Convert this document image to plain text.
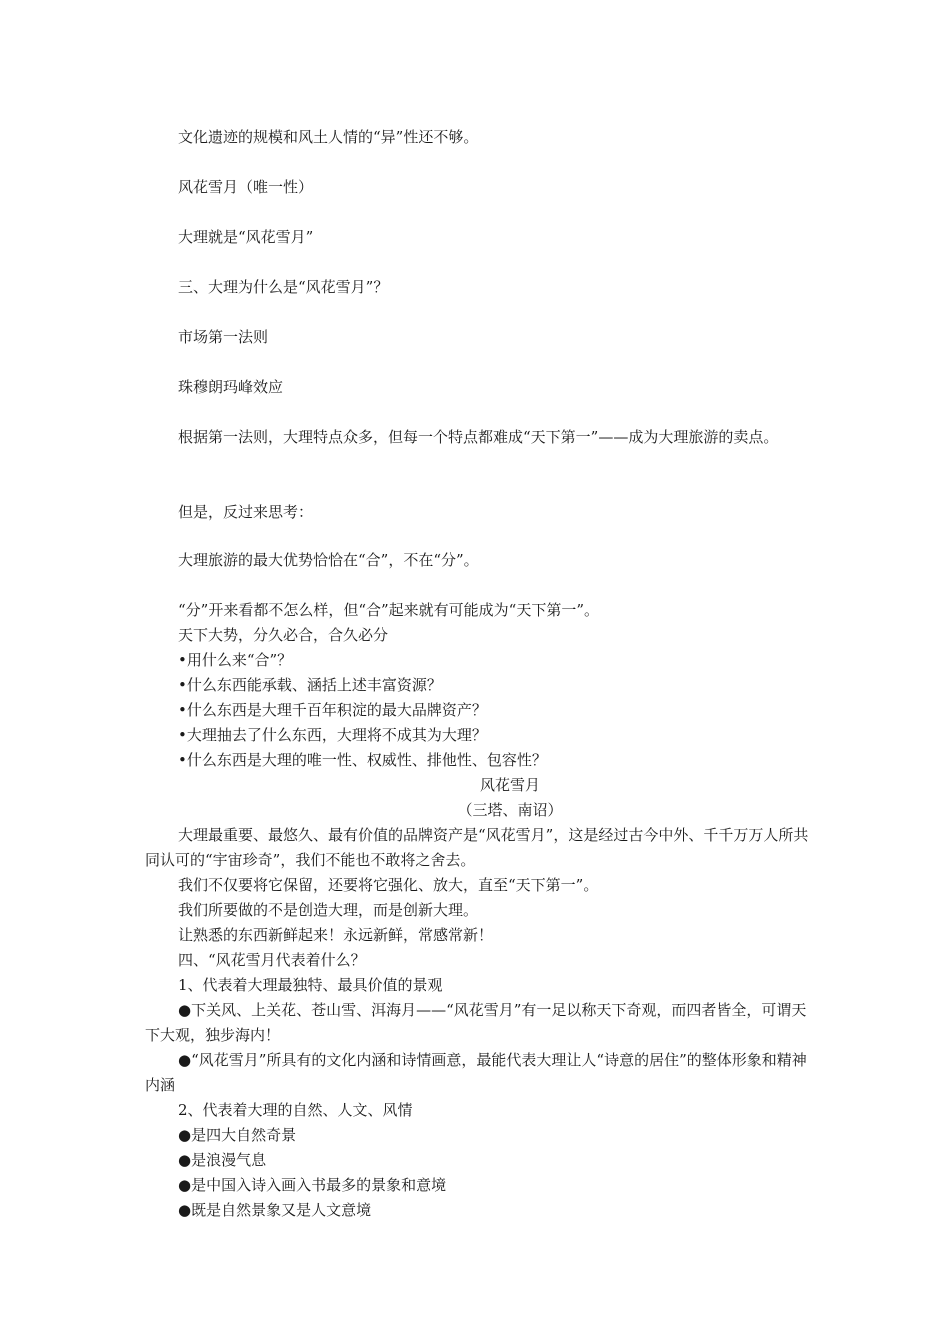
文化遗迹的规模和风土人情的“异”性还不够。

风花雪月（唯一性）

大理就是“风花雪月”

三、大理为什么是“风花雪月”？

市场第一法则

珠穆朗玛峰效应

根据第一法则，大理特点众多，但每一个特点都难成“天下第一”——成为大理旅游的卖点。

但是，反过来思考：

大理旅游的最大优势恰恰在“合”，不在“分”。

“分”开来看都不怎么样，但“合”起来就有可能成为“天下第一”。

天下大势，分久必合，合久必分

•用什么来“合”？

•什么东西能承载、涵括上述丰富资源？

•什么东西是大理千百年积淀的最大品牌资产？

•大理抽去了什么东西，大理将不成其为大理？

•什么东西是大理的唯一性、权威性、排他性、包容性？

风花雪月

（三塔、南诏）

大理最重要、最悠久、最有价值的品牌资产是“风花雪月”，这是经过古今中外、千千万万人所共同认可的“宇宙珍奇”，我们不能也不敢将之舍去。

我们不仅要将它保留，还要将它强化、放大，直至“天下第一”。

我们所要做的不是创造大理，而是创新大理。

让熟悉的东西新鲜起来！永远新鲜，常感常新！

四、“风花雪月代表着什么？

1、代表着大理最独特、最具价值的景观

●下关风、上关花、苍山雪、洱海月——“风花雪月”有一足以称天下奇观，而四者皆全，可谓天下大观，独步海内！

●“风花雪月”所具有的文化内涵和诗情画意，最能代表大理让人“诗意的居住”的整体形象和精神内涵

2、代表着大理的自然、人文、风情

●是四大自然奇景

●是浪漫气息

●是中国入诗入画入书最多的景象和意境

●既是自然景象又是人文意境
